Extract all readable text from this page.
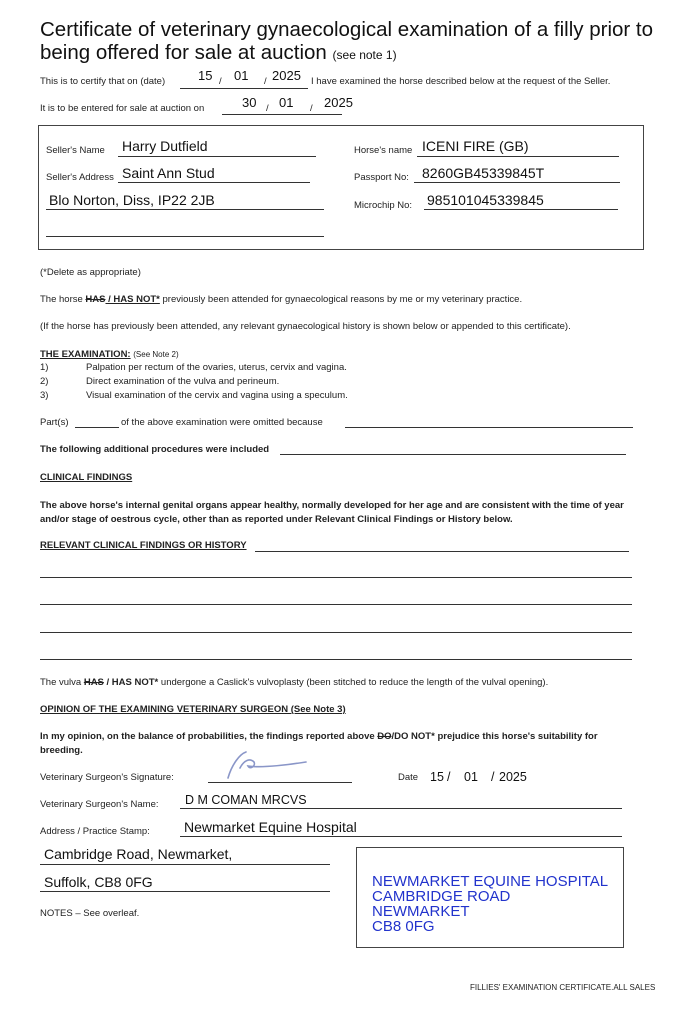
Certificate of veterinary gynaecological examination of a filly prior to being offered for sale at auction (see note 1)
This is to certify that on (date)	15 / 01 / 2025 I have examined the horse described below at the request of the Seller.
It is to be entered for sale at auction on	30 / 01 / 2025
Seller's Name Harry Dutfield
Seller's Address Saint Ann Stud
Blo Norton, Diss, IP22 2JB
Horse's name ICENI FIRE (GB)
Passport No: 8260GB45339845T
Microchip No: 985101045339845
(*Delete as appropriate)
The horse HAS / HAS NOT* previously been attended for gynaecological reasons by me or my veterinary practice.
(If the horse has previously been attended, any relevant gynaecological history is shown below or appended to this certificate).
THE EXAMINATION: (See Note 2)
1)	Palpation per rectum of the ovaries, uterus, cervix and vagina.
2)	Direct examination of the vulva and perineum.
3)	Visual examination of the cervix and vagina using a speculum.
Part(s)	of the above examination were omitted because
The following additional procedures were included
CLINICAL FINDINGS
The above horse's internal genital organs appear healthy, normally developed for her age and are consistent with the time of year and/or stage of oestrous cycle, other than as reported under Relevant Clinical Findings or History below.
RELEVANT CLINICAL FINDINGS OR HISTORY
The vulva HAS / HAS NOT* undergone a Caslick's vulvoplasty (been stitched to reduce the length of the vulval opening).
OPINION OF THE EXAMINING VETERINARY SURGEON (See Note 3)
In my opinion, on the balance of probabilities, the findings reported above DO/DO NOT* prejudice this horse's suitability for
breeding.
Veterinary Surgeon's Signature:	Date 15 / 01 / 2025
Veterinary Surgeon's Name: D M COMAN MRCVS
Address / Practice Stamp: Newmarket Equine Hospital
Cambridge Road, Newmarket,
Suffolk, CB8 0FG	NEWMARKET EQUINE HOSPITAL
CAMBRIDGE ROAD
NEWMARKET
CB8 0FG
NOTES – See overleaf.
FILLIES' EXAMINATION CERTIFICATE.ALL SALES
